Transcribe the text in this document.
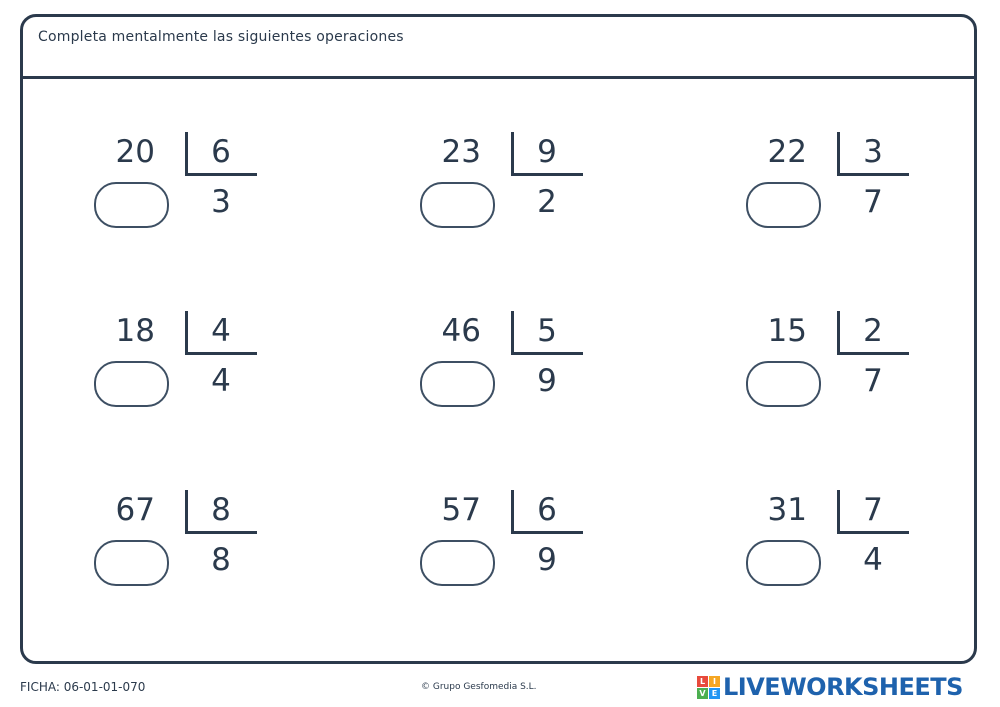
Completa mentalmente las siguientes operaciones
20	6
3
23	9
2
22	3
7
18	4
4
46	5
9
15	2
7
67	8
8
57	6
9
31	7
4
FICHA: 06-01-01-070	© Grupo Gesfomedia S.L.
L I
V E LIVEWORKSHEETS
